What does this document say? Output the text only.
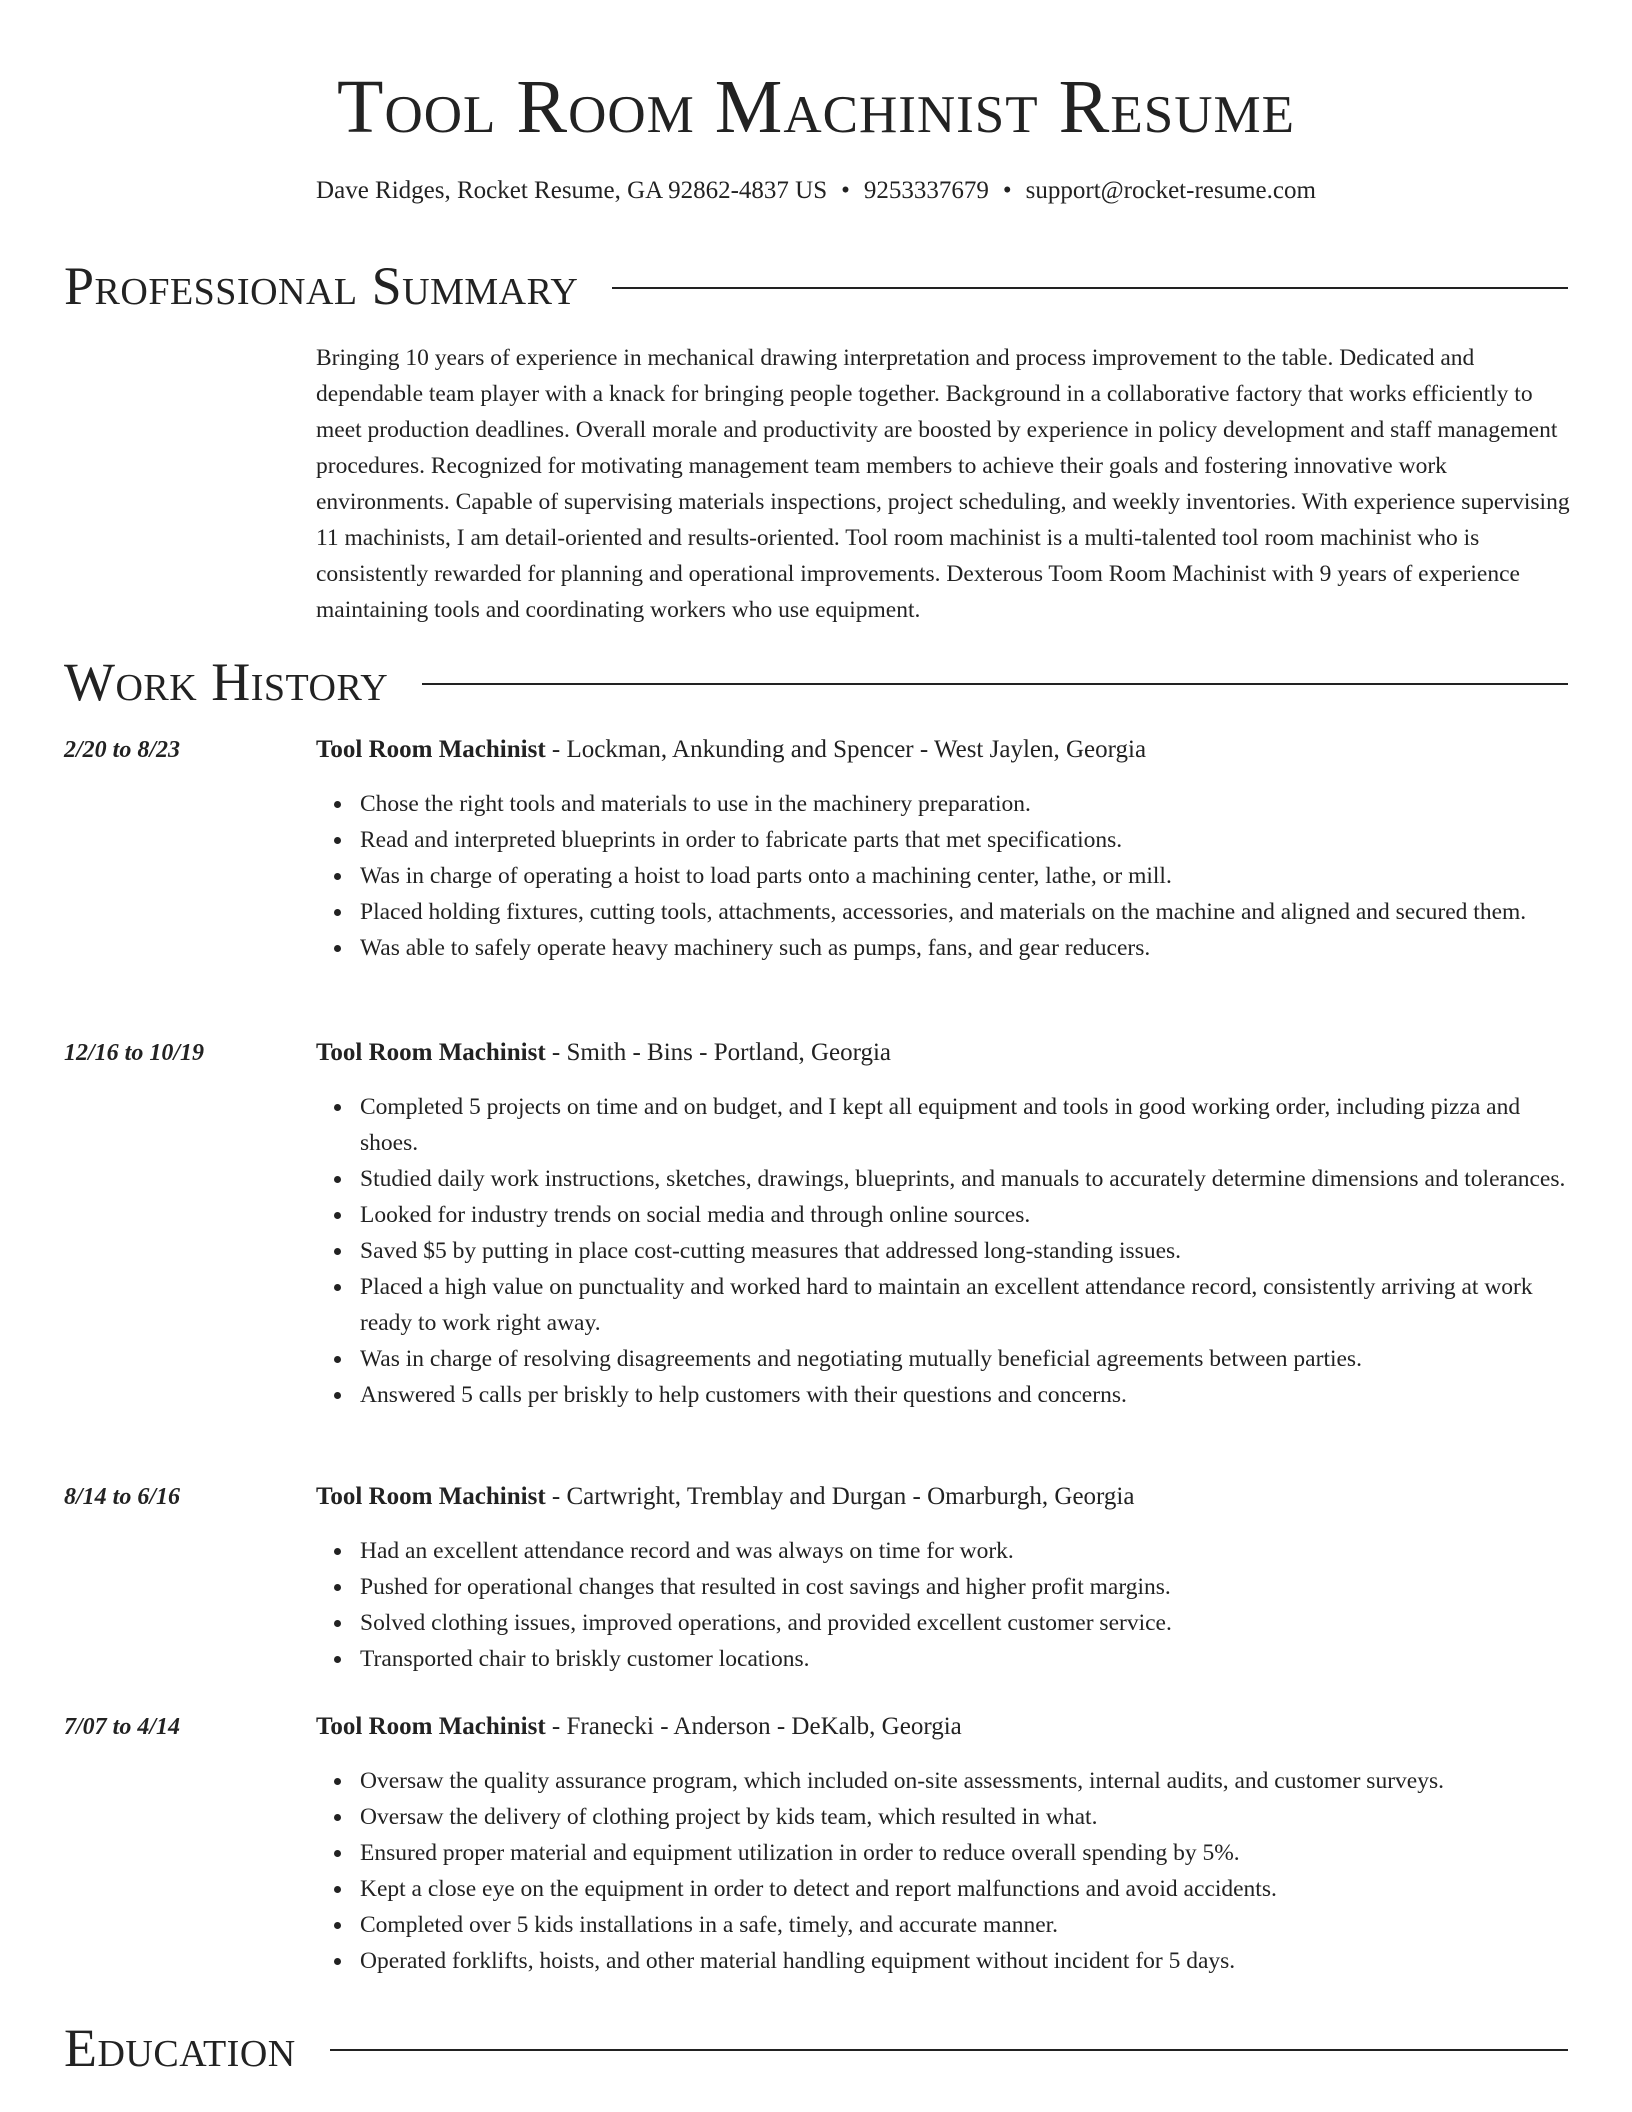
Tool Room Machinist Resume
Dave Ridges, Rocket Resume, GA 92862-4837 US • 9253337679 • support@rocket-resume.com
Professional Summary

Bringing 10 years of experience in mechanical drawing interpretation and process improvement to the table. Dedicated and dependable team player with a knack for bringing people together. Background in a collaborative factory that works efficiently to meet production deadlines. Overall morale and productivity are boosted by experience in policy development and staff management procedures. Recognized for motivating management team members to achieve their goals and fostering innovative work environments. Capable of supervising materials inspections, project scheduling, and weekly inventories. With experience supervising 11 machinists, I am detail-oriented and results-oriented. Tool room machinist is a multi-talented tool room machinist who is consistently rewarded for planning and operational improvements. Dexterous Toom Room Machinist with 9 years of experience maintaining tools and coordinating workers who use equipment.

Work History
2/20 to 8/23	Tool Room Machinist - Lockman, Ankunding and Spencer - West Jaylen, Georgia
Chose the right tools and materials to use in the machinery preparation.
Read and interpreted blueprints in order to fabricate parts that met specifications.
Was in charge of operating a hoist to load parts onto a machining center, lathe, or mill.
Placed holding fixtures, cutting tools, attachments, accessories, and materials on the machine and aligned and secured them.
Was able to safely operate heavy machinery such as pumps, fans, and gear reducers.
12/16 to 10/19	Tool Room Machinist - Smith - Bins - Portland, Georgia
Completed 5 projects on time and on budget, and I kept all equipment and tools in good working order, including pizza and shoes.
Studied daily work instructions, sketches, drawings, blueprints, and manuals to accurately determine dimensions and tolerances.
Looked for industry trends on social media and through online sources.
Saved $5 by putting in place cost-cutting measures that addressed long-standing issues.
Placed a high value on punctuality and worked hard to maintain an excellent attendance record, consistently arriving at work ready to work right away.
Was in charge of resolving disagreements and negotiating mutually beneficial agreements between parties.
Answered 5 calls per briskly to help customers with their questions and concerns.
8/14 to 6/16	Tool Room Machinist - Cartwright, Tremblay and Durgan - Omarburgh, Georgia
Had an excellent attendance record and was always on time for work.
Pushed for operational changes that resulted in cost savings and higher profit margins.
Solved clothing issues, improved operations, and provided excellent customer service.
Transported chair to briskly customer locations.
7/07 to 4/14	Tool Room Machinist - Franecki - Anderson - DeKalb, Georgia
Oversaw the quality assurance program, which included on-site assessments, internal audits, and customer surveys.
Oversaw the delivery of clothing project by kids team, which resulted in what.
Ensured proper material and equipment utilization in order to reduce overall spending by 5%.
Kept a close eye on the equipment in order to detect and report malfunctions and avoid accidents.
Completed over 5 kids installations in a safe, timely, and accurate manner.
Operated forklifts, hoists, and other material handling equipment without incident for 5 days.
Education
